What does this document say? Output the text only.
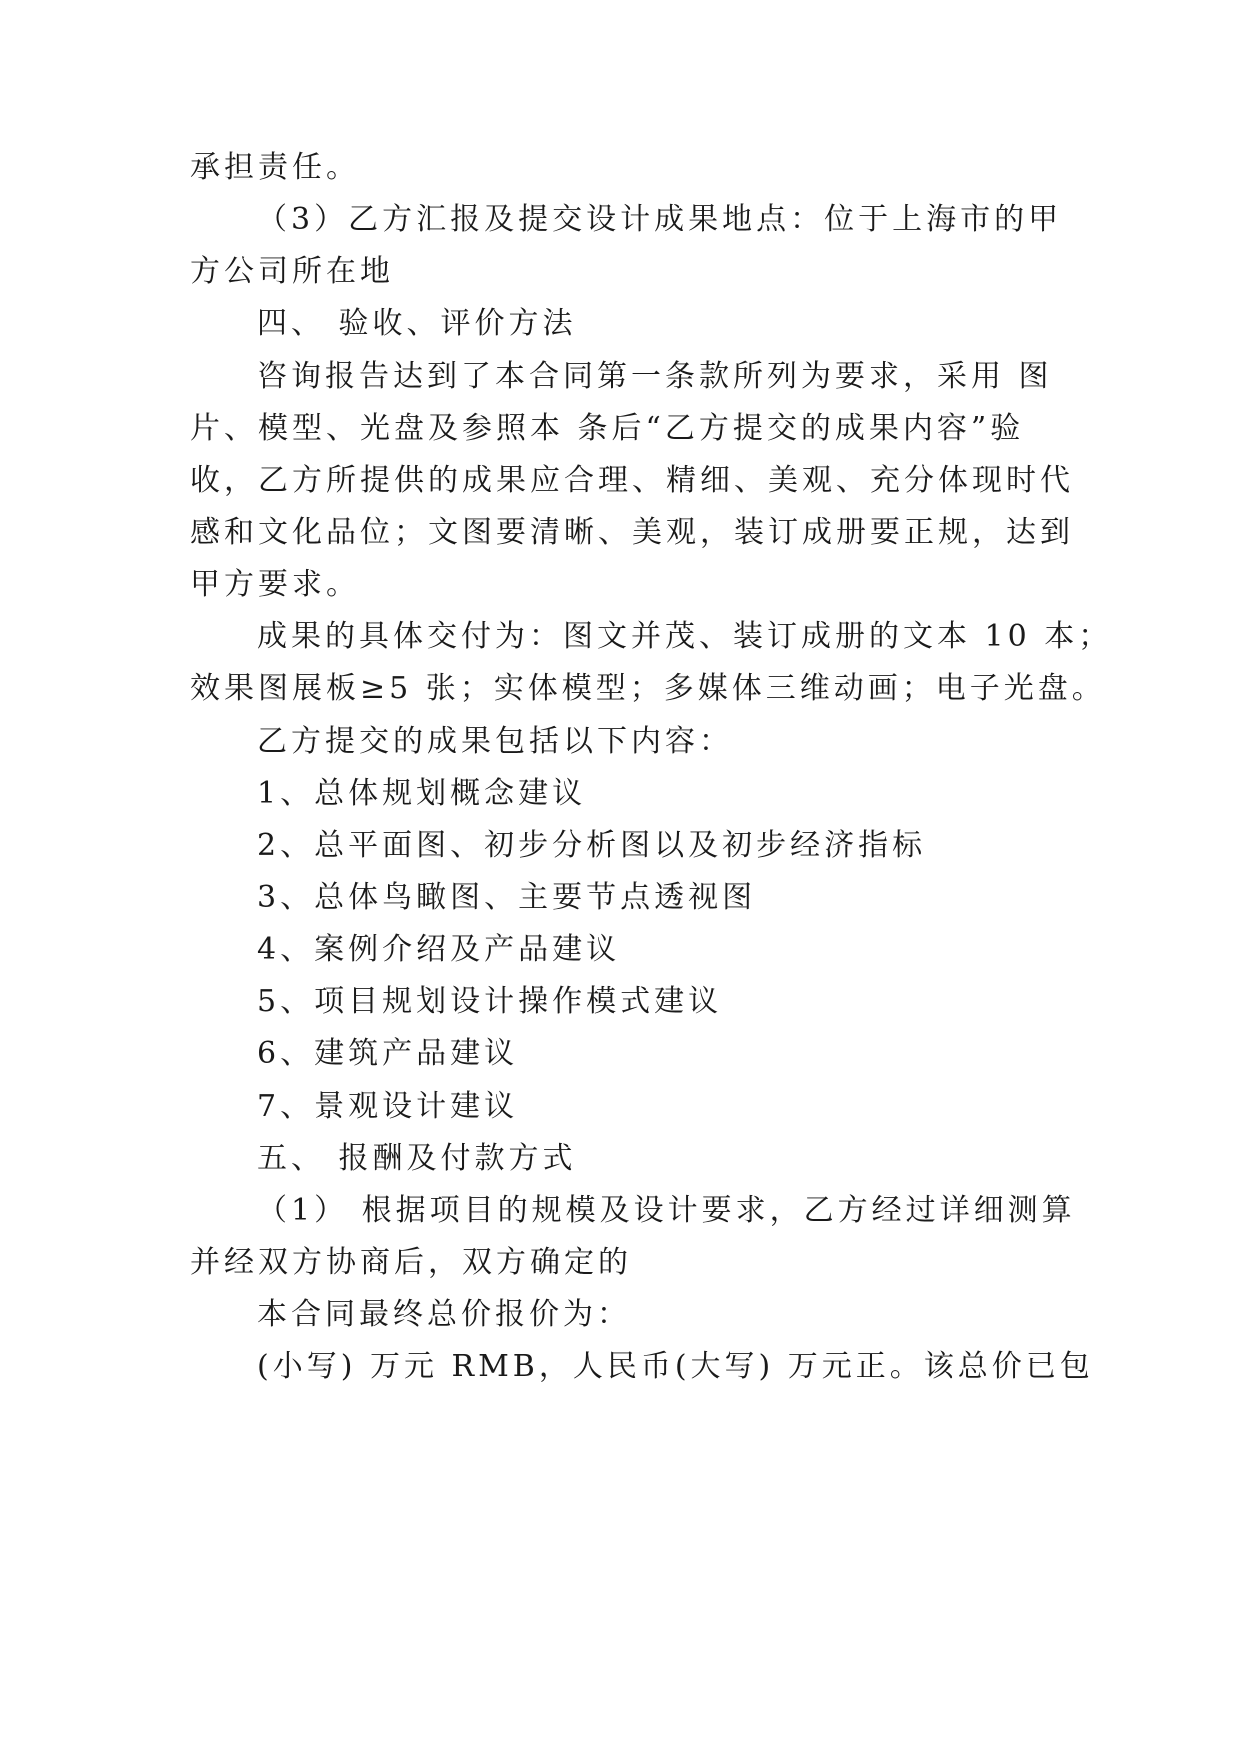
承担责任。
（3）乙方汇报及提交设计成果地点：位于上海市的甲
方公司所在地
四、 验收、评价方法
咨询报告达到了本合同第一条款所列为要求，采用 图
片、模型、光盘及参照本 条后“乙方提交的成果内容”验
收，乙方所提供的成果应合理、精细、美观、充分体现时代
感和文化品位；文图要清晰、美观，装订成册要正规，达到
甲方要求。
成果的具体交付为：图文并茂、装订成册的文本 10 本；
效果图展板≥5 张；实体模型；多媒体三维动画；电子光盘。
乙方提交的成果包括以下内容：
1、总体规划概念建议
2、总平面图、初步分析图以及初步经济指标
3、总体鸟瞰图、主要节点透视图
4、案例介绍及产品建议
5、项目规划设计操作模式建议
6、建筑产品建议
7、景观设计建议
五、 报酬及付款方式
（1） 根据项目的规模及设计要求，乙方经过详细测算
并经双方协商后，双方确定的
本合同最终总价报价为：
(小写) 万元 RMB，人民币(大写) 万元正。该总价已包
